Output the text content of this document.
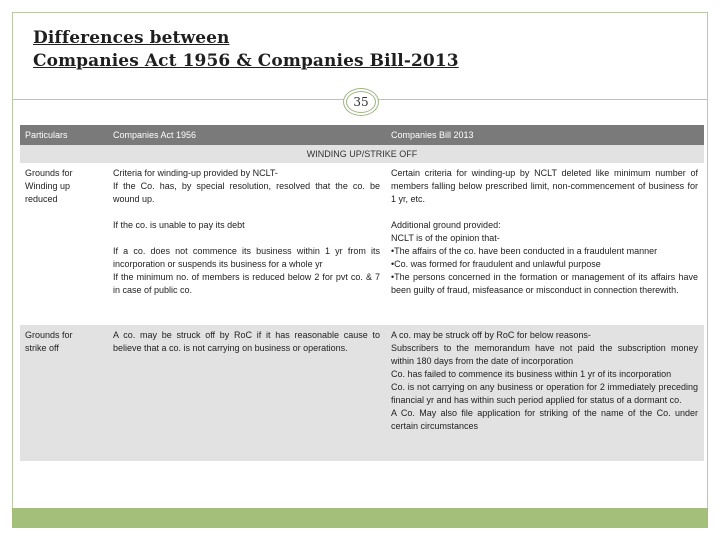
Differences between
Companies Act 1956 & Companies Bill-2013
35
Particulars	Companies Act 1956	Companies Bill 2013
WINDING UP/STRIKE OFF

Grounds for

Winding up

reduced

Criteria for winding-up provided by NCLT-

If the Co. has, by special resolution, resolved that the co. be wound up.

If the co. is unable to pay its debt

If a co. does not commence its business within 1 yr from its incorporation or suspends its business for a whole yr

If the minimum no. of members is reduced below 2 for pvt co. & 7 in case of public co.

Certain criteria for winding-up by NCLT deleted like minimum number of members falling below prescribed limit, non-commencement of business for 1 yr, etc.

Additional ground provided:

NCLT is of the opinion that-

•The affairs of the co. have been conducted in a fraudulent manner

•Co. was formed for fraudulent and unlawful purpose

•The persons concerned in the formation or management of its affairs have been guilty of fraud, misfeasance or misconduct in connection therewith.

Grounds for

strike off

A co. may be struck off by RoC if it has reasonable cause to believe that a co. is not carrying on business or operations.

A co. may be struck off by RoC for below reasons-

Subscribers to the memorandum have not paid the subscription money within 180 days from the date of incorporation

Co. has failed to commence its business within 1 yr of its incorporation

Co. is not carrying on any business or operation for 2 immediately preceding financial yr and has within such period applied for status of a dormant co.

A Co. May also file application for striking of the name of the Co. under certain circumstances
